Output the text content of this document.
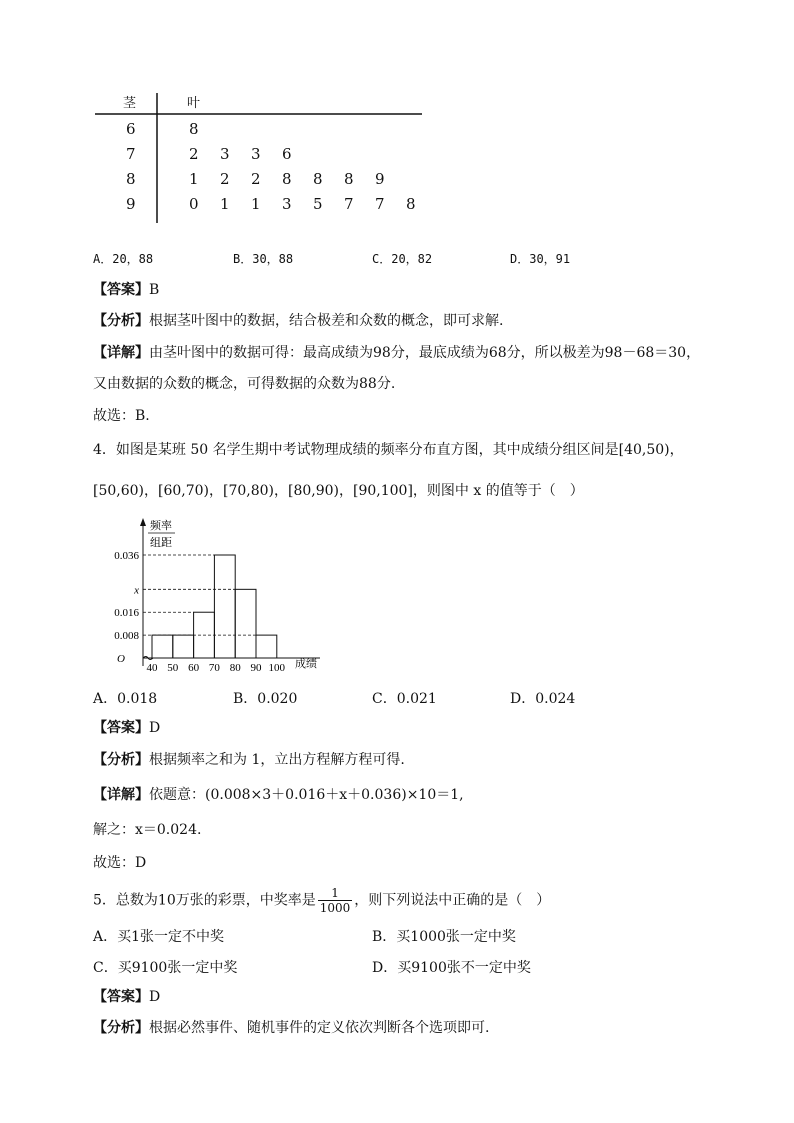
茎	叶
6	8
7	2 3 3 6
8	1 2 2 8 8 8 9
9	0 1 1 3 5 7 7 8
A．20，88	B．30，88	C．20，82	D．30，91
【答案】B
【分析】根据茎叶图中的数据，结合极差和众数的概念，即可求解.
【详解】由茎叶图中的数据可得：最高成绩为98分，最底成绩为68分，所以极差为98－68＝30，
又由数据的众数的概念，可得数据的众数为88分.
故选：B.
4．如图是某班 50 名学生期中考试物理成绩的频率分布直方图，其中成绩分组区间是[40,50)，
[50,60)，[60,70)，[70,80)，[80,90)，[90,100]，则图中 x 的值等于（　）
0.036
x
0.016
0.008
40 50 60 70 80 90 100
频率
组距
成绩
O
A．0.018	B．0.020	C．0.021	D．0.024
【答案】D
【分析】根据频率之和为 1，立出方程解方程可得.
【详解】依题意：(0.008×3＋0.016＋x＋0.036)×10＝1,
解之：x＝0.024.
故选：D
5．总数为10万张的彩票，中奖率是 $\frac{1}{1000}$ ，则下列说法中正确的是（　）
A．买1张一定不中奖	B．买1000张一定中奖
C．买9100张一定中奖	D．买9100张不一定中奖
【答案】D
【分析】根据必然事件、随机事件的定义依次判断各个选项即可.
